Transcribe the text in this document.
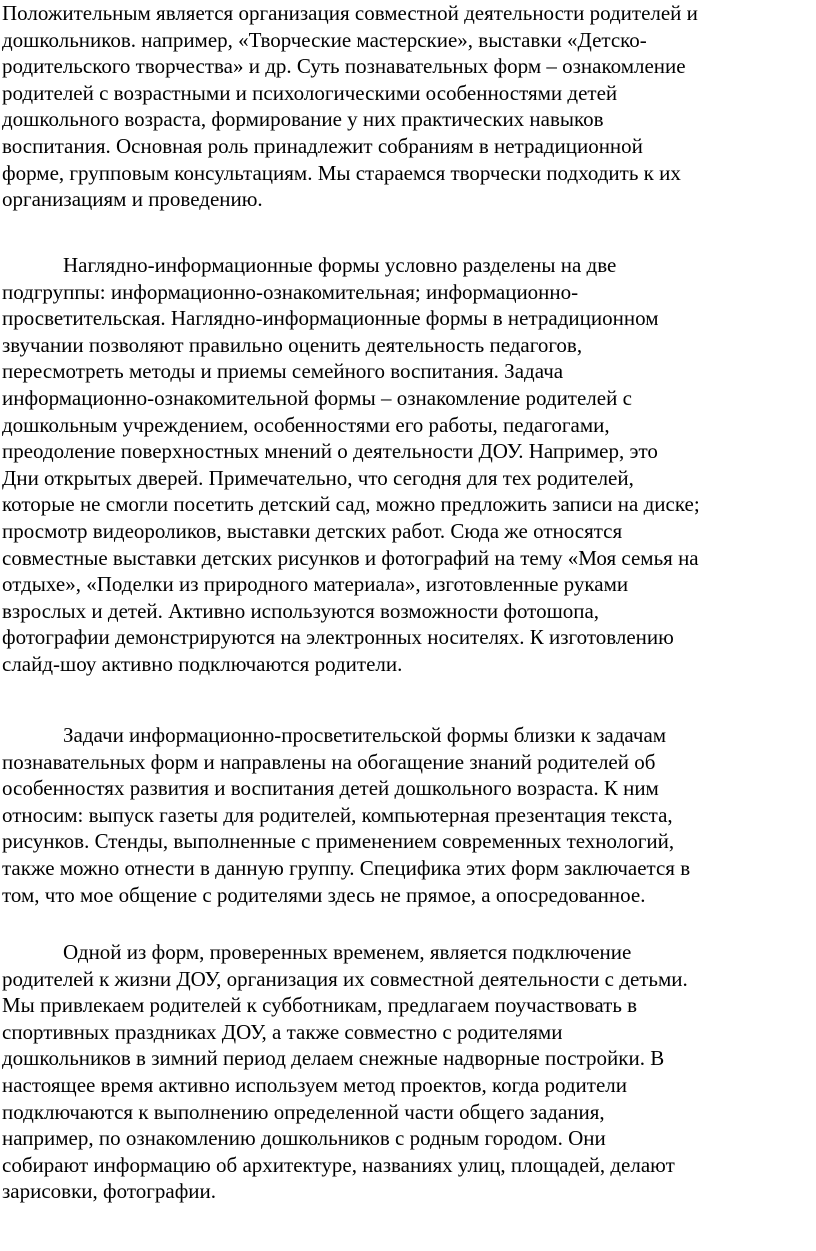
Положительным является организация совместной деятельности родителей и
дошкольников. например, «Творческие мастерские», выставки «Детско-
родительского творчества» и др. Суть познавательных форм – ознакомление
родителей с возрастными и психологическими особенностями детей
дошкольного возраста, формирование у них практических навыков
воспитания. Основная роль принадлежит собраниям в нетрадиционной
форме, групповым консультациям. Мы стараемся творчески подходить к их
организациям и проведению.
Наглядно-информационные формы условно разделены на две
подгруппы: информационно-ознакомительная; информационно-
просветительская. Наглядно-информационные формы в нетрадиционном
звучании позволяют правильно оценить деятельность педагогов,
пересмотреть методы и приемы семейного воспитания. Задача
информационно-ознакомительной формы – ознакомление родителей с
дошкольным учреждением, особенностями его работы, педагогами,
преодоление поверхностных мнений о деятельности ДОУ. Например, это
Дни открытых дверей. Примечательно, что сегодня для тех родителей,
которые не смогли посетить детский сад, можно предложить записи на диске;
просмотр видеороликов, выставки детских работ. Сюда же относятся
совместные выставки детских рисунков и фотографий на тему «Моя семья на
отдыхе», «Поделки из природного материала», изготовленные руками
взрослых и детей. Активно используются возможности фотошопа,
фотографии демонстрируются на электронных носителях. К изготовлению
слайд-шоу активно подключаются родители.
Задачи информационно-просветительской формы близки к задачам
познавательных форм и направлены на обогащение знаний родителей об
особенностях развития и воспитания детей дошкольного возраста. К ним
относим: выпуск газеты для родителей, компьютерная презентация текста,
рисунков. Стенды, выполненные с применением современных технологий,
также можно отнести в данную группу. Специфика этих форм заключается в
том, что мое общение с родителями здесь не прямое, а опосредованное.
Одной из форм, проверенных временем, является подключение
родителей к жизни ДОУ, организация их совместной деятельности с детьми.
Мы привлекаем родителей к субботникам, предлагаем поучаствовать в
спортивных праздниках ДОУ, а также совместно с родителями
дошкольников в зимний период делаем снежные надворные постройки. В
настоящее время активно используем метод проектов, когда родители
подключаются к выполнению определенной части общего задания,
например, по ознакомлению дошкольников с родным городом. Они
собирают информацию об архитектуре, названиях улиц, площадей, делают
зарисовки, фотографии.
